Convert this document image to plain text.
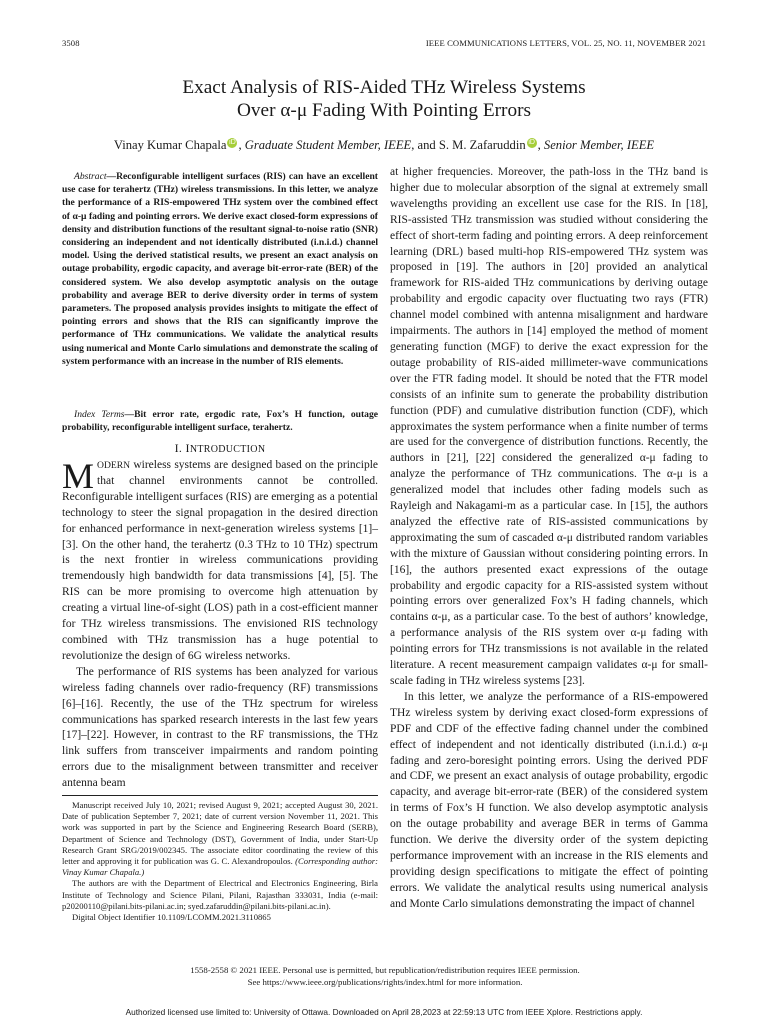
3508	IEEE COMMUNICATIONS LETTERS, VOL. 25, NO. 11, NOVEMBER 2021
Exact Analysis of RIS-Aided THz Wireless Systems
Over α-μ Fading With Pointing Errors
Vinay Kumar Chapala iD , Graduate Student Member, IEEE, and S. M. Zafaruddin iD , Senior Member, IEEE
Abstract—Reconfigurable intelligent surfaces (RIS) can have an excellent use case for terahertz (THz) wireless transmissions. In this letter, we analyze the performance of a RIS-empowered THz system over the combined effect of α-μ fading and pointing errors. We derive exact closed-form expressions of density and distribution functions of the resultant signal-to-noise ratio (SNR) considering an independent and not identically distributed (i.n.i.d.) channel model. Using the derived statistical results, we present an exact analysis on outage probability, ergodic capacity, and average bit-error-rate (BER) of the considered system. We also develop asymptotic analysis on the outage probability and average BER to derive diversity order in terms of system parameters. The proposed analysis provides insights to mitigate the effect of pointing errors and shows that the RIS can significantly improve the performance of THz communications. We validate the analytical results using numerical and Monte Carlo simulations and demonstrate the scaling of system performance with an increase in the number of RIS elements.
Index Terms—Bit error rate, ergodic rate, Fox’s H function, outage probability, reconfigurable intelligent surface, terahertz.
I. INTRODUCTION

MODERN wireless systems are designed based on the principle that channel environments cannot be controlled. Reconfigurable intelligent surfaces (RIS) are emerging as a potential technology to steer the signal propagation in the desired direction for enhanced performance in next-generation wireless systems [1]–[3]. On the other hand, the terahertz (0.3 THz to 10 THz) spectrum is the next frontier in wireless communications providing tremendously high bandwidth for data transmissions [4], [5]. The RIS can be more promising to overcome high attenuation by creating a virtual line-of-sight (LOS) path in a cost-efficient manner for THz wireless transmissions. The envisioned RIS technology combined with THz transmission has a huge potential to revolutionize the design of 6G wireless networks.

The performance of RIS systems has been analyzed for various wireless fading channels over radio-frequency (RF) transmissions [6]–[16]. Recently, the use of the THz spectrum for wireless communications has sparked research interests in the last few years [17]–[22]. However, in contrast to the RF transmissions, the THz link suffers from transceiver impairments and random pointing errors due to the misalignment between transmitter and receiver antenna beam

Manuscript received July 10, 2021; revised August 9, 2021; accepted August 30, 2021. Date of publication September 7, 2021; date of current version November 11, 2021. This work was supported in part by the Science and Engineering Research Board (SERB), Department of Science and Technology (DST), Government of India, under Start-Up Research Grant SRG/2019/002345. The associate editor coordinating the review of this letter and approving it for publication was G. C. Alexandropoulos. (Corresponding author: Vinay Kumar Chapala.)

The authors are with the Department of Electrical and Electronics Engineering, Birla Institute of Technology and Science Pilani, Pilani, Rajasthan 333031, India (e-mail: p20200110@pilani.bits-pilani.ac.in; syed.zafaruddin@pilani.bits-pilani.ac.in).

Digital Object Identifier 10.1109/LCOMM.2021.3110865

at higher frequencies. Moreover, the path-loss in the THz band is higher due to molecular absorption of the signal at extremely small wavelengths providing an excellent use case for the RIS. In [18], RIS-assisted THz transmission was studied without considering the effect of short-term fading and pointing errors. A deep reinforcement learning (DRL) based multi-hop RIS-empowered THz system was proposed in [19]. The authors in [20] provided an analytical framework for RIS-aided THz communications by deriving outage probability and ergodic capacity over fluctuating two rays (FTR) channel model combined with antenna misalignment and hardware impairments. The authors in [14] employed the method of moment generating function (MGF) to derive the exact expression for the outage probability of RIS-aided millimeter-wave communications over the FTR fading model. It should be noted that the FTR model consists of an infinite sum to generate the probability distribution function (PDF) and cumulative distribution function (CDF), which approximates the system performance when a finite number of terms are used for the convergence of distribution functions. Recently, the authors in [21], [22] considered the generalized α-μ fading to analyze the performance of THz communications. The α-μ is a generalized model that includes other fading models such as Rayleigh and Nakagami-m as a particular case. In [15], the authors analyzed the effective rate of RIS-assisted communications by approximating the sum of cascaded α-μ distributed random variables with the mixture of Gaussian without considering pointing errors. In [16], the authors presented exact expressions of the outage probability and ergodic capacity for a RIS-assisted system without pointing errors over generalized Fox’s H fading channels, which contains α-μ, as a particular case. To the best of authors’ knowledge, a performance analysis of the RIS system over α-μ fading with pointing errors for THz transmissions is not available in the related literature. A recent measurement campaign validates α-μ for small-scale fading in THz wireless systems [23].

In this letter, we analyze the performance of a RIS-empowered THz wireless system by deriving exact closed-form expressions of PDF and CDF of the effective fading channel under the combined effect of independent and not identically distributed (i.n.i.d.) α-μ fading and zero-boresight pointing errors. Using the derived PDF and CDF, we present an exact analysis of outage probability, ergodic capacity, and average bit-error-rate (BER) of the considered system in terms of Fox’s H function. We also develop asymptotic analysis on the outage probability and average BER in terms of Gamma function. We derive the diversity order of the system depicting performance improvement with an increase in the RIS elements and providing design specifications to mitigate the effect of pointing errors. We validate the analytical results using numerical analysis and Monte Carlo simulations demonstrating the impact of channel

1558-2558 © 2021 IEEE. Personal use is permitted, but republication/redistribution requires IEEE permission.
See https://www.ieee.org/publications/rights/index.html for more information.
Authorized licensed use limited to: University of Ottawa. Downloaded on April 28,2023 at 22:59:13 UTC from IEEE Xplore. Restrictions apply.
